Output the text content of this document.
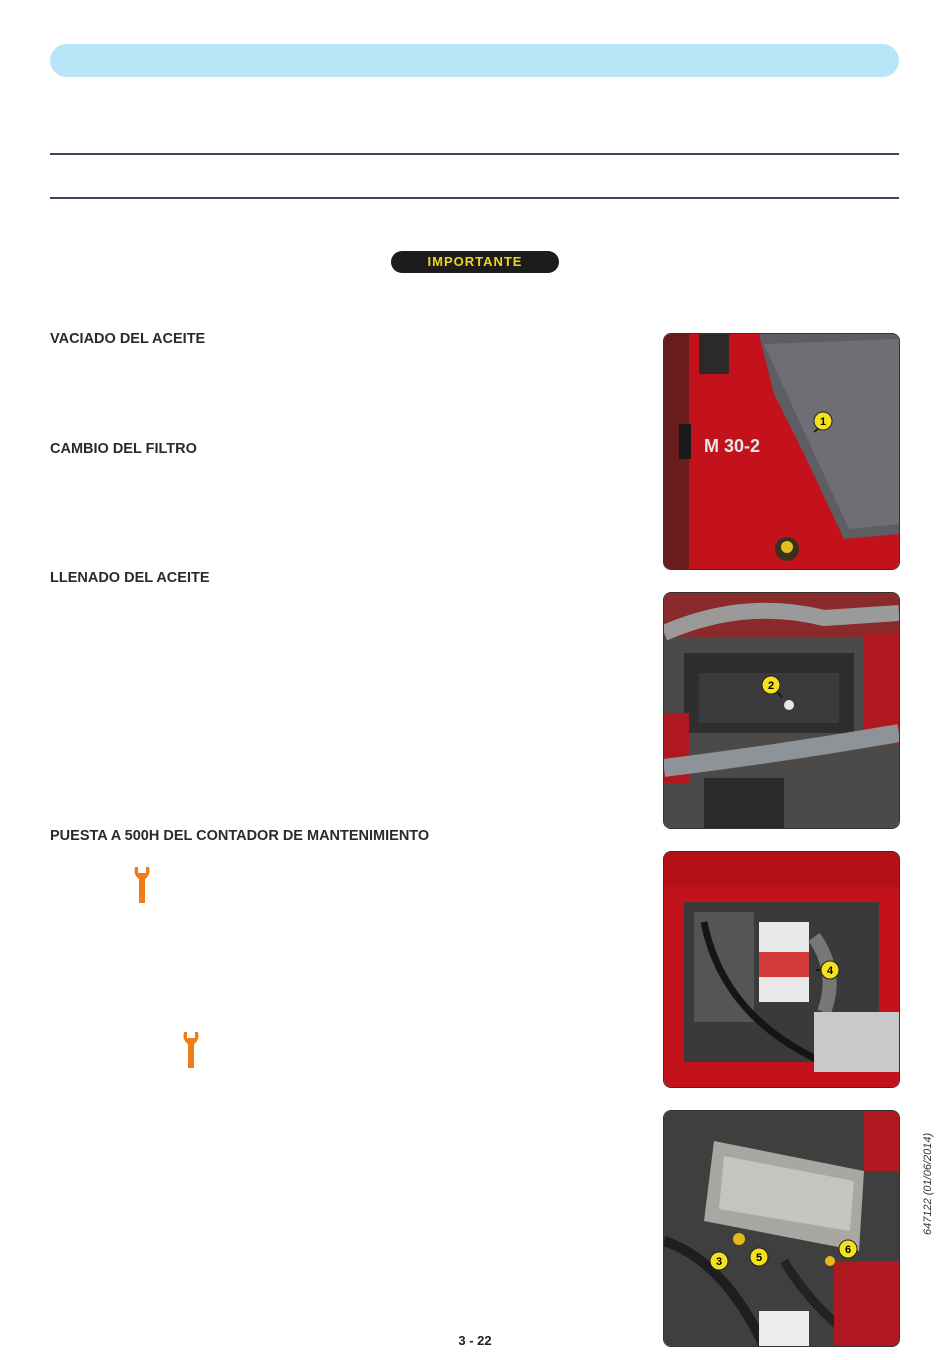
IMPORTANTE
VACIADO DEL ACEITE
CAMBIO DEL FILTRO
LLENADO DEL ACEITE
PUESTA A 500H DEL CONTADOR DE MANTENIMIENTO
M 30-2
1
2
4
3	5
6
3 - 22
647122 (01/06/2014)
